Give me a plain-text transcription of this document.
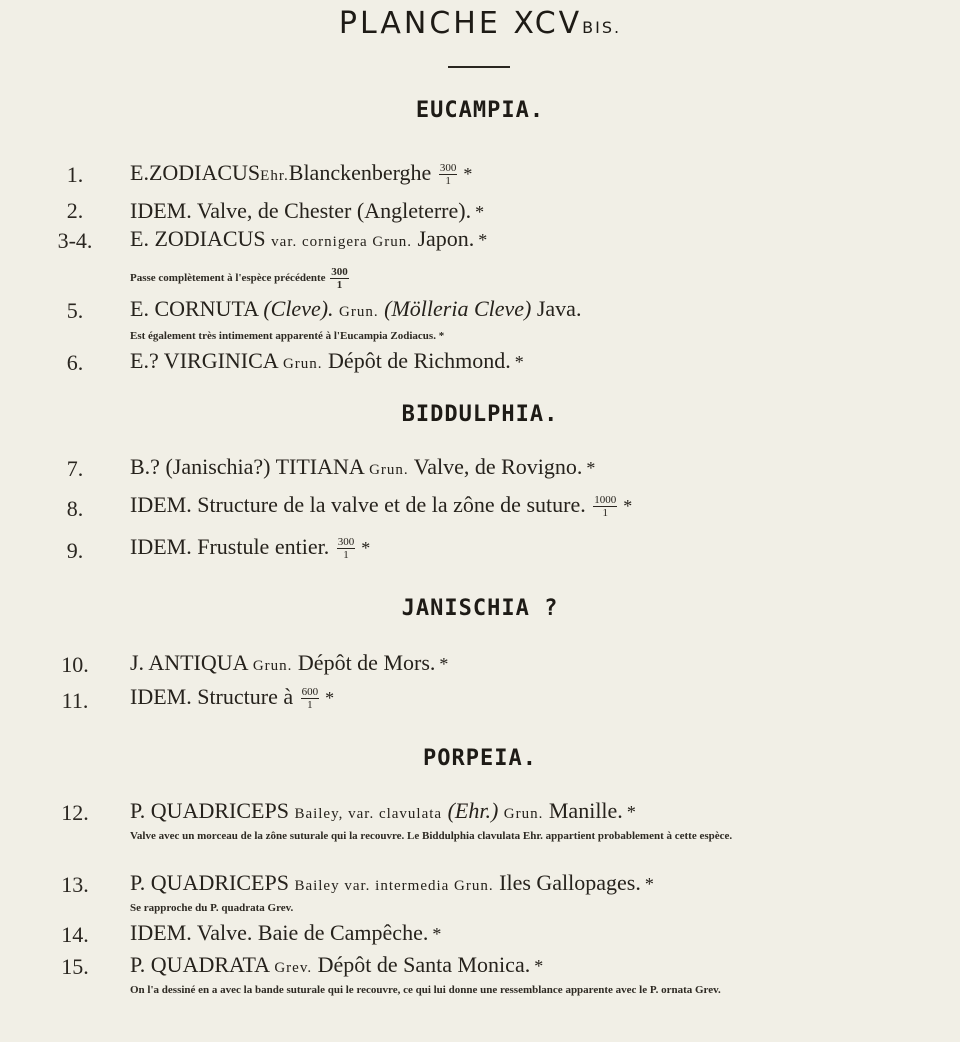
PLANCHE XCVBIS.
EUCAMPIA.
1.	E.ZODIACUSEhr.Blanckenberghe $\frac{300}{1}$ *
2.	IDEM. Valve, de Chester (Angleterre). *
3-4.	E. ZODIACUS var. cornigera Grun. Japon. *
Passe complètement à l'espèce précédente $\frac{300}{1}$
5.	E. CORNUTA (Cleve). Grun. (Mölleria Cleve) Java.
Est également très intimement apparenté à l'Eucampia Zodiacus. *
6.	E.? VIRGINICA Grun. Dépôt de Richmond. *
BIDDULPHIA.
7.	B.? (Janischia?) TITIANA Grun. Valve, de Rovigno. *
8.	IDEM. Structure de la valve et de la zône de suture. $\frac{1000}{1}$ *
9.	IDEM. Frustule entier. $\frac{300}{1}$ *
JANISCHIA ?
10.	J. ANTIQUA Grun. Dépôt de Mors. *
11.	IDEM. Structure à $\frac{600}{1}$ *
PORPEIA.
12.	P. QUADRICEPS Bailey, var. clavulata (Ehr.) Grun. Manille. *
Valve avec un morceau de la zône suturale qui la recouvre. Le Biddulphia clavulata Ehr. appartient probablement à cette espèce.
13.	P. QUADRICEPS Bailey var. intermedia Grun. Iles Gallopages. *
Se rapproche du P. quadrata Grev.
14.	IDEM. Valve. Baie de Campêche. *
15.	P. QUADRATA Grev. Dépôt de Santa Monica. *
On l'a dessiné en a avec la bande suturale qui le recouvre, ce qui lui donne une ressemblance apparente avec le P. ornata Grev.
